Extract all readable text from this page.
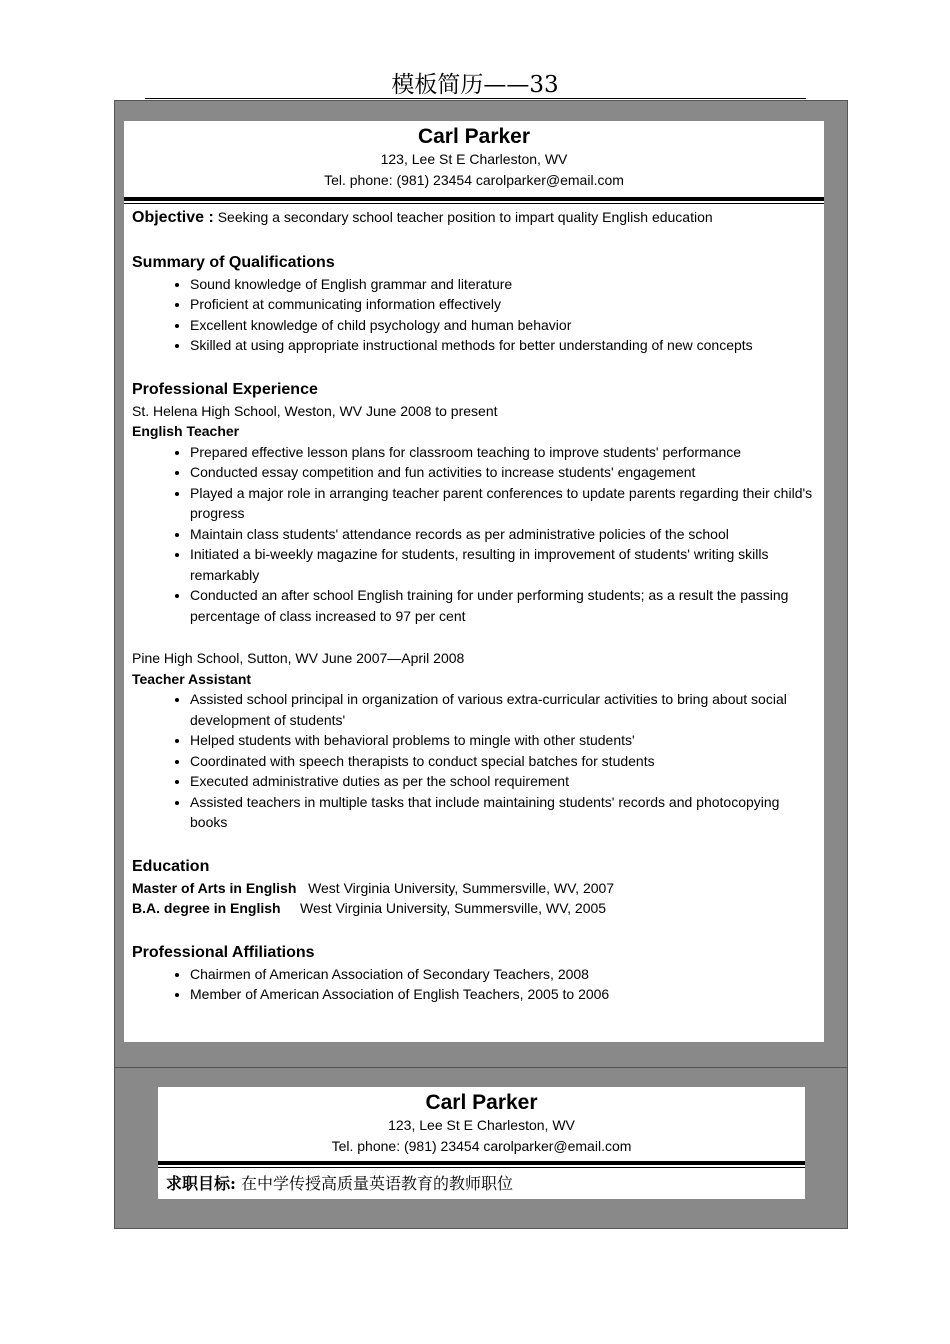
模板简历——33
Carl Parker
123, Lee St E Charleston, WV
Tel. phone: (981) 23454 carolparker@email.com
Objective : Seeking a secondary school teacher position to impart quality English education
Summary of Qualifications
• Sound knowledge of English grammar and literature
• Proficient at communicating information effectively
• Excellent knowledge of child psychology and human behavior
• Skilled at using appropriate instructional methods for better understanding of new concepts
Professional Experience
St. Helena High School, Weston, WV June 2008 to present
English Teacher
• Prepared effective lesson plans for classroom teaching to improve students' performance
• Conducted essay competition and fun activities to increase students' engagement
• Played a major role in arranging teacher parent conferences to update parents regarding their child's progress
• Maintain class students' attendance records as per administrative policies of the school
• Initiated a bi-weekly magazine for students, resulting in improvement of students' writing skills remarkably
• Conducted an after school English training for under performing students; as a result the passing percentage of class increased to 97 per cent
Pine High School, Sutton, WV June 2007—April 2008
Teacher Assistant
• Assisted school principal in organization of various extra-curricular activities to bring about social development of students'
• Helped students with behavioral problems to mingle with other students'
• Coordinated with speech therapists to conduct special batches for students
• Executed administrative duties as per the school requirement
• Assisted teachers in multiple tasks that include maintaining students' records and photocopying books
Education
Master of Arts in English West Virginia University, Summersville, WV, 2007
B.A. degree in English West Virginia University, Summersville, WV, 2005
Professional Affiliations
• Chairmen of American Association of Secondary Teachers, 2008
• Member of American Association of English Teachers, 2005 to 2006
Carl Parker
123, Lee St E Charleston, WV
Tel. phone: (981) 23454 carolparker@email.com
求职目标: 在中学传授高质量英语教育的教师职位
